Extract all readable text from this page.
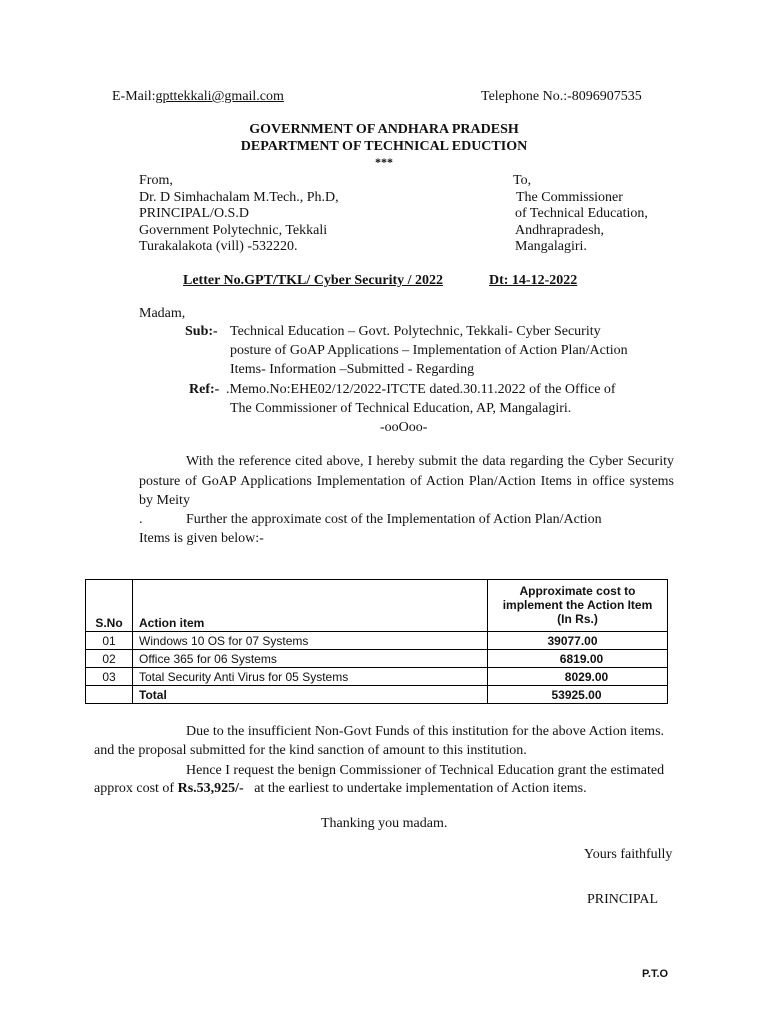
E-Mail:gpttekkali@gmail.com	Telephone No.:-8096907535
GOVERNMENT OF ANDHARA PRADESH
DEPARTMENT OF TECHNICAL EDUCTION
***
From,
Dr. D Simhachalam M.Tech., Ph.D,
PRINCIPAL/O.S.D
Government Polytechnic, Tekkali
Turakalakota (vill) -532220.
To,
The Commissioner
of Technical Education,
Andhrapradesh,
Mangalagiri.
Letter No.GPT/TKL/ Cyber Security / 2022	Dt: 14-12-2022
Madam,
Sub:- Technical Education – Govt. Polytechnic, Tekkali- Cyber Security
posture of GoAP Applications – Implementation of Action Plan/Action
Items- Information –Submitted - Regarding
Ref:- .Memo.No:EHE02/12/2022-ITCTE dated.30.11.2022 of the Office of
The Commissioner of Technical Education, AP, Mangalagiri.
-ooOoo-
With the reference cited above, I hereby submit the data regarding the Cyber Security posture of GoAP Applications Implementation of Action Plan/Action Items in office systems by Meity
.	Further the approximate cost of the Implementation of Action Plan/Action
Items is given below:-
S.No	Action item	Approximate cost to implement the Action Item (In Rs.)
01	Windows 10 OS for 07 Systems	39077.00
02	Office 365 for 06 Systems	6819.00
03	Total Security Anti Virus for 05 Systems	8029.00
	Total	53925.00
Due to the insufficient Non-Govt Funds of this institution for the above Action items.
and the proposal submitted for the kind sanction of amount to this institution.
Hence I request the benign Commissioner of Technical Education grant the estimated
approx cost of Rs.53,925/-   at the earliest to undertake implementation of Action items.
Thanking you madam.
Yours faithfully
PRINCIPAL
P.T.O
